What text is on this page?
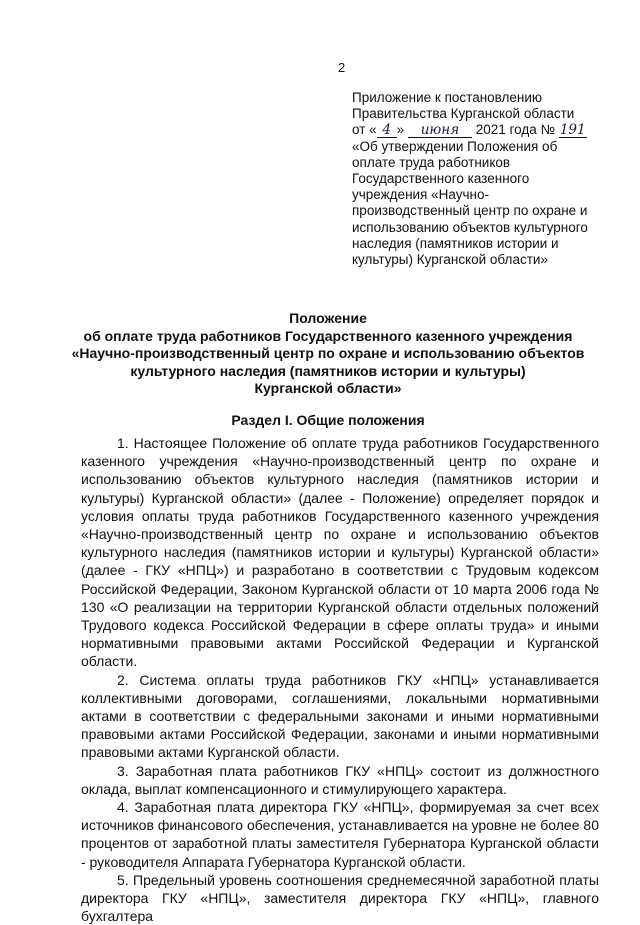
2
Приложение к постановлению
Правительства Курганской области
от « 4 » июня 2021 года № 191
«Об утверждении Положения об
оплате труда работников
Государственного казенного
учреждения «Научно-
производственный центр по охране и
использованию объектов культурного
наследия (памятников истории и
культуры) Курганской области»
Положение
об оплате труда работников Государственного казенного учреждения
«Научно-производственный центр по охране и использованию объектов
культурного наследия (памятников истории и культуры)
Курганской области»
Раздел I. Общие положения

1. Настоящее Положение об оплате труда работников Государственного казенного учреждения «Научно-производственный центр по охране и использованию объектов культурного наследия (памятников истории и культуры) Курганской области» (далее - Положение) определяет порядок и условия оплаты труда работников Государственного казенного учреждения «Научно-производственный центр по охране и использованию объектов культурного наследия (памятников истории и культуры) Курганской области» (далее - ГКУ «НПЦ») и разработано в соответствии с Трудовым кодексом Российской Федерации, Законом Курганской области от 10 марта 2006 года № 130 «О реализации на территории Курганской области отдельных положений Трудового кодекса Российской Федерации в сфере оплаты труда» и иными нормативными правовыми актами Российской Федерации и Курганской области.

2. Система оплаты труда работников ГКУ «НПЦ» устанавливается коллективными договорами, соглашениями, локальными нормативными актами в соответствии с федеральными законами и иными нормативными правовыми актами Российской Федерации, законами и иными нормативными правовыми актами Курганской области.

3. Заработная плата работников ГКУ «НПЦ» состоит из должностного оклада, выплат компенсационного и стимулирующего характера.

4. Заработная плата директора ГКУ «НПЦ», формируемая за счет всех источников финансового обеспечения, устанавливается на уровне не более 80 процентов от заработной платы заместителя Губернатора Курганской области - руководителя Аппарата Губернатора Курганской области.

5. Предельный уровень соотношения среднемесячной заработной платы директора ГКУ «НПЦ», заместителя директора ГКУ «НПЦ», главного бухгалтера
